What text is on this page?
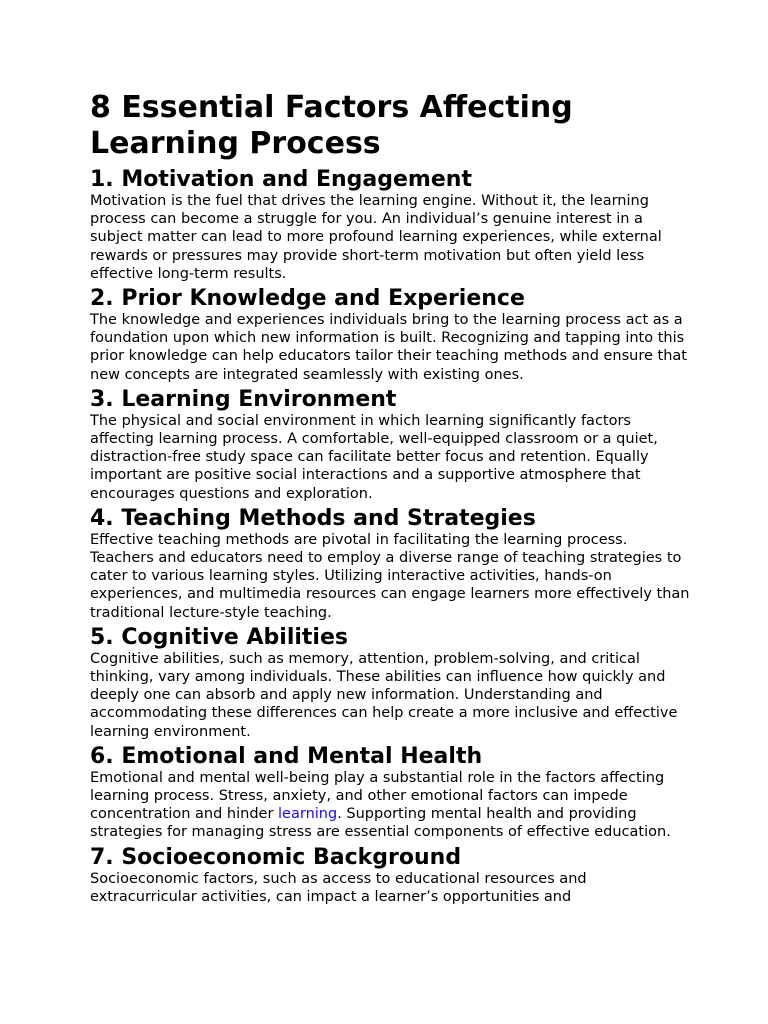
8 Essential Factors Affecting Learning Process
1. Motivation and Engagement

Motivation is the fuel that drives the learning engine. Without it, the learning process can become a struggle for you. An individual’s genuine interest in a subject matter can lead to more profound learning experiences, while external rewards or pressures may provide short-term motivation but often yield less effective long-term results.

2. Prior Knowledge and Experience

The knowledge and experiences individuals bring to the learning process act as a foundation upon which new information is built. Recognizing and tapping into this prior knowledge can help educators tailor their teaching methods and ensure that new concepts are integrated seamlessly with existing ones.

3. Learning Environment

The physical and social environment in which learning significantly factors affecting learning process. A comfortable, well-equipped classroom or a quiet, distraction-free study space can facilitate better focus and retention. Equally important are positive social interactions and a supportive atmosphere that encourages questions and exploration.

4. Teaching Methods and Strategies

Effective teaching methods are pivotal in facilitating the learning process. Teachers and educators need to employ a diverse range of teaching strategies to cater to various learning styles. Utilizing interactive activities, hands-on experiences, and multimedia resources can engage learners more effectively than traditional lecture-style teaching.

5. Cognitive Abilities

Cognitive abilities, such as memory, attention, problem-solving, and critical thinking, vary among individuals. These abilities can influence how quickly and deeply one can absorb and apply new information. Understanding and accommodating these differences can help create a more inclusive and effective learning environment.

6. Emotional and Mental Health

Emotional and mental well-being play a substantial role in the factors affecting learning process. Stress, anxiety, and other emotional factors can impede concentration and hinder learning. Supporting mental health and providing strategies for managing stress are essential components of effective education.

7. Socioeconomic Background

Socioeconomic factors, such as access to educational resources and extracurricular activities, can impact a learner’s opportunities and
